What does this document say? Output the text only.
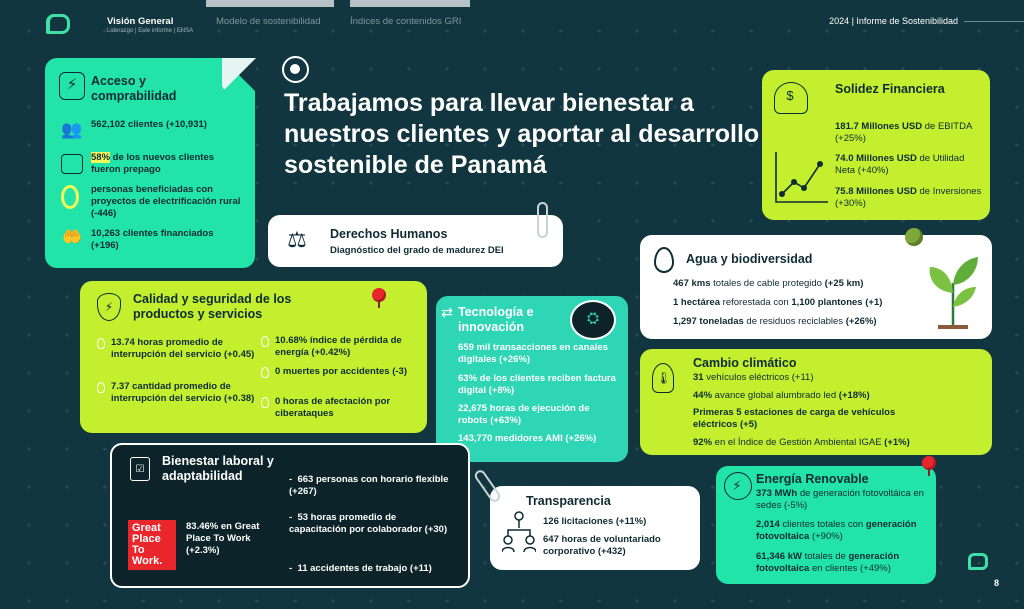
Visión General
Liderazgo | Este informe | ENSA
Modelo de sostenibilidad	Índices de contenidos GRI	2024 | Informe de Sostenibilidad
Trabajamos para llevar bienestar a nuestros clientes y aportar al desarrollo sostenible de Panamá
⚡ Acceso y comprabilidad
👥 562,102 clientes (+10,931)
58% de los nuevos clientes fueron prepago
personas beneficiadas con proyectos de electrificación rural (-446)
🤲 10,263 clientes financiados (+196)	⚖ Derechos Humanos
Diagnóstico del grado de madurez DEI
$	Solidez Financiera
181.7 Millones USD de EBITDA (+25%)
74.0 Millones USD de Utilidad Neta (+40%)
75.8 Millones USD de Inversiones (+30%)
Agua y biodiversidad
467 kms totales de cable protegido (+25 km)
1 hectárea reforestada con 1,100 plantones (+1)
1,297 toneladas de residuos reciclables (+26%)
⚡
Calidad y seguridad de los productos y servicios
13.74 horas promedio de interrupción del servicio (+0.45)
7.37 cantidad promedio de interrupción del servicio (+0.38)
10.68% índice de pérdida de energía (+0.42%)
0 muertes por accidentes (-3)
0 horas de afectación por ciberataques
⇄ Tecnología e innovación	⛭
659 mil transacciones en canales digitales (+26%)
63% de los clientes reciben factura digital (+8%)
22,675 horas de ejecución de robots (+63%)
143,770 medidores AMI (+26%)
🌡
Cambio climático
31 vehículos eléctricos (+11)
44% avance global alumbrado led (+18%)
Primeras 5 estaciones de carga de vehículos eléctricos (+5)
92% en el Índice de Gestión Ambiental IGAE (+1%)
☑
Bienestar laboral y adaptabilidad
83.46% en Great Place To Work (+2.3%)
-  663 personas con horario flexible (+267)
-  53 horas promedio de capacitación por colaborador (+30)
-  11 accidentes de trabajo (+11)
Great Place To Work.
Transparencia
126 licitaciones (+11%)
647 horas de voluntariado corporativo (+432)
⚡ Energía Renovable
373 MWh de generación fotovoltáica en sedes (-5%)
2,014 clientes totales con generación fotovoltaica (+90%)
61,346 kW totales de generación fotovoltaica en clientes (+49%)
8
